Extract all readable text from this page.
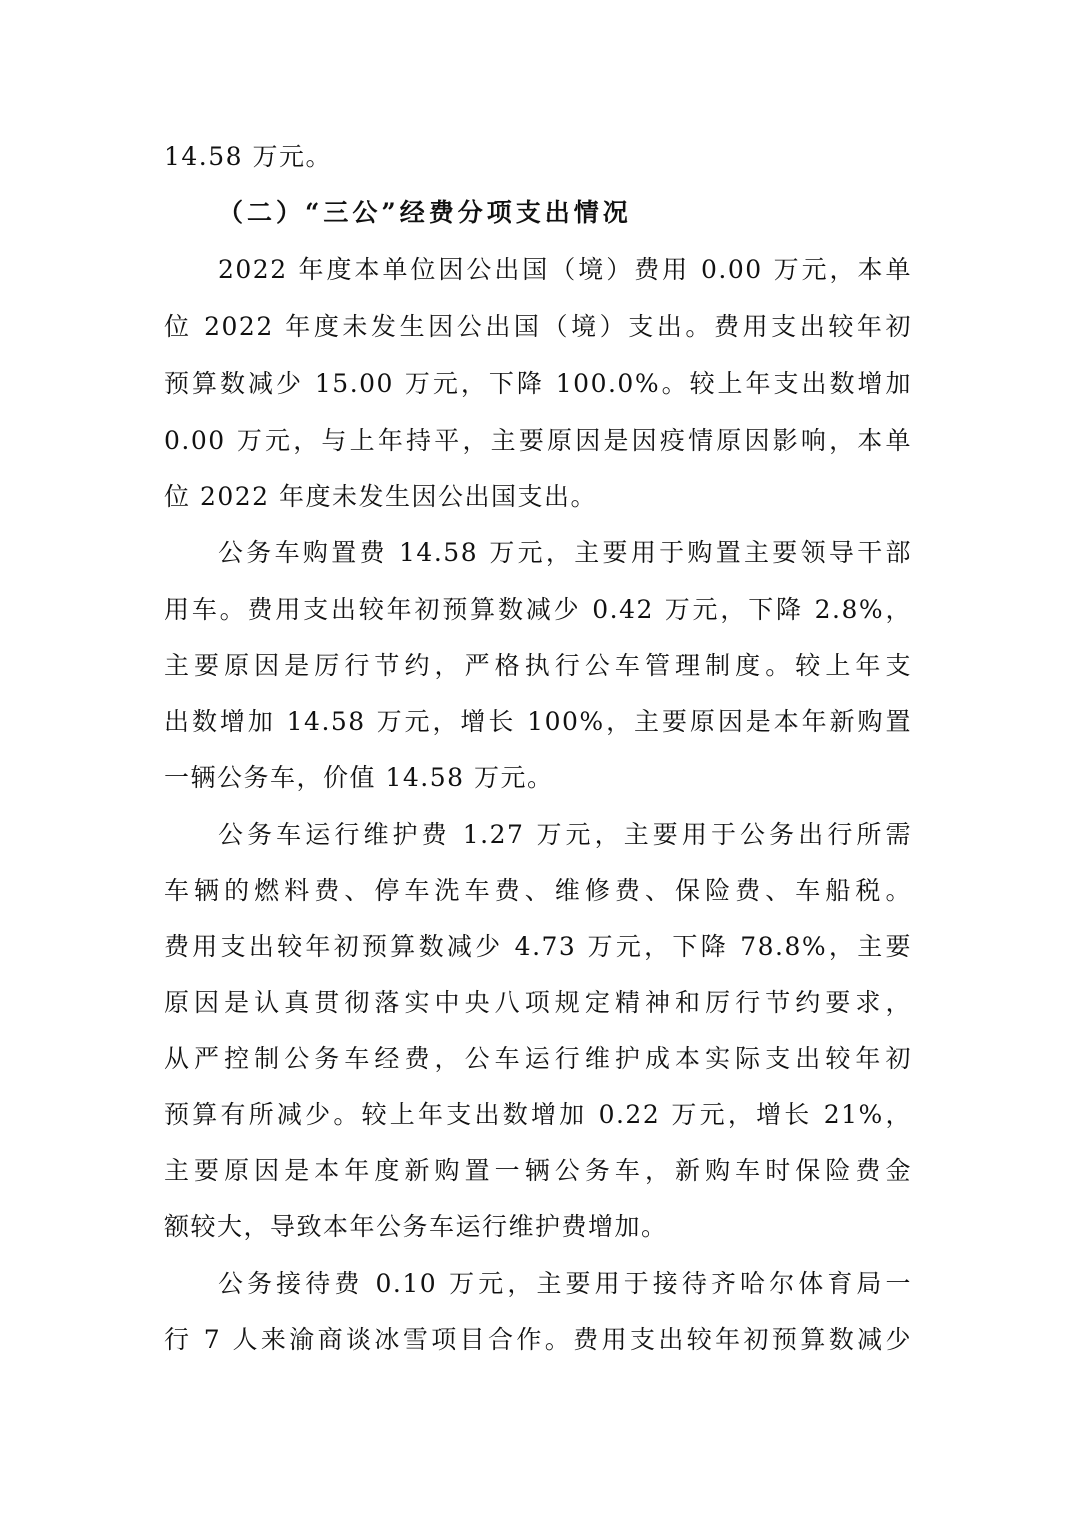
14.58 万元。
（二）“三公”经费分项支出情况
2022 年度本单位因公出国（境）费用 0.00 万元，本单
位 2022 年度未发生因公出国（境）支出。费用支出较年初
预算数减少 15.00 万元，下降 100.0%。较上年支出数增加
0.00 万元，与上年持平，主要原因是因疫情原因影响，本单
位 2022 年度未发生因公出国支出。
公务车购置费 14.58 万元，主要用于购置主要领导干部
用车。费用支出较年初预算数减少 0.42 万元，下降 2.8%，
主要原因是厉行节约，严格执行公车管理制度。较上年支
出数增加 14.58 万元，增长 100%，主要原因是本年新购置
一辆公务车，价值 14.58 万元。
公务车运行维护费 1.27 万元，主要用于公务出行所需
车辆的燃料费、停车洗车费、维修费、保险费、车船税。
费用支出较年初预算数减少 4.73 万元，下降 78.8%，主要
原因是认真贯彻落实中央八项规定精神和厉行节约要求，
从严控制公务车经费，公车运行维护成本实际支出较年初
预算有所减少。较上年支出数增加 0.22 万元，增长 21%，
主要原因是本年度新购置一辆公务车，新购车时保险费金
额较大，导致本年公务车运行维护费增加。
公务接待费 0.10 万元，主要用于接待齐哈尔体育局一
行 7 人来渝商谈冰雪项目合作。费用支出较年初预算数减少
